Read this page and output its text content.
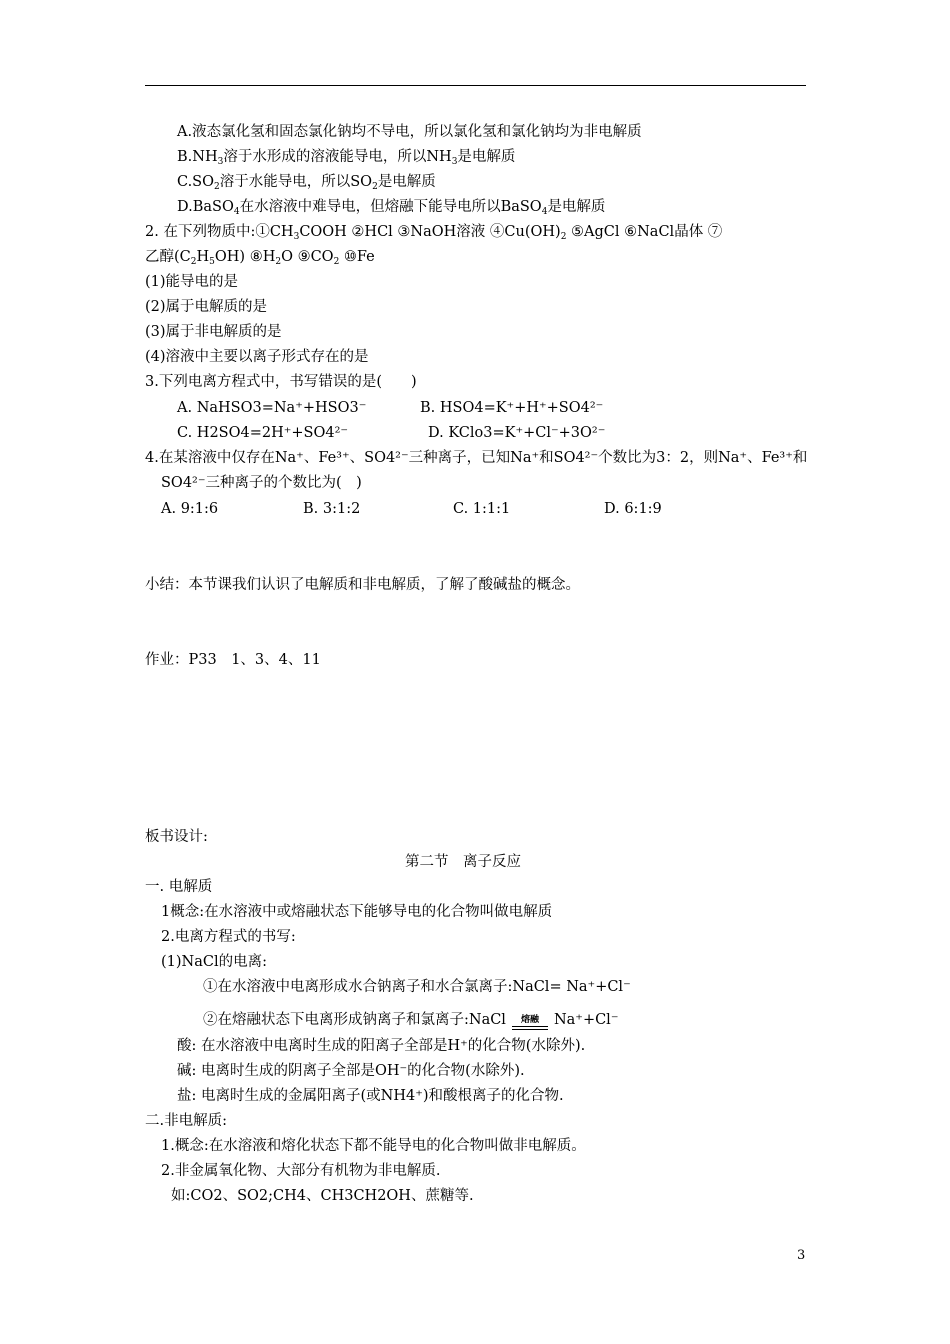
A.液态氯化氢和固态氯化钠均不导电，所以氯化氢和氯化钠均为非电解质
$B.NH_3$溶于水形成的溶液能导电，所以$NH_3$是电解质
$C.SO_2$溶于水能导电，所以$SO_2$是电解质
D.BaSO$_4$在水溶液中难导电，但熔融下能导电所以BaSO$_4$是电解质
2. 在下列物质中$:①CH_3COOH$ ②HCl ③NaOH溶液 $④Cu(OH)_2$ ⑤AgCl ⑥NaCl晶体 ⑦
乙醇$(C_2H_5OH)$ $⑧H_2O$ $⑨CO_2$ ⑩Fe
(1)能导电的是
(2)属于电解质的是
(3)属于非电解质的是
(4)溶液中主要以离子形式存在的是
3.下列电离方程式中，书写错误的是(　　)
A. NaHSO3=Na⁺+HSO3⁻	B. HSO4=K⁺+H⁺+SO4²⁻
C. H2SO4=2H⁺+SO4²⁻	D. KClo3=K⁺+Cl⁻+3O²⁻
4.在某溶液中仅存在Na⁺、Fe³⁺、SO4²⁻三种离子，已知Na⁺和SO4²⁻个数比为3：2，则Na⁺、Fe³⁺和
SO4²⁻三种离子的个数比为(　)
A. 9:1:6	B. 3:1:2	C. 1:1:1	D. 6:1:9
小结：本节课我们认识了电解质和非电解质，了解了酸碱盐的概念。
作业：P33　1、3、4、11
板书设计:
第二节　离子反应
一. 电解质
1概念:在水溶液中或熔融状态下能够导电的化合物叫做电解质
2.电离方程式的书写:
(1)NaCl的电离:
①在水溶液中电离形成水合钠离子和水合氯离子:NaCl= Na⁺+Cl⁻
②在熔融状态下电离形成钠离子和氯离子:NaCl	熔融	Na⁺+Cl⁻
酸: 在水溶液中电离时生成的阳离子全部是H⁺的化合物(水除外).
碱: 电离时生成的阴离子全部是OH⁻的化合物(水除外).
盐: 电离时生成的金属阳离子(或NH4⁺)和酸根离子的化合物.
二.非电解质:
1.概念:在水溶液和熔化状态下都不能导电的化合物叫做非电解质。
2.非金属氧化物、大部分有机物为非电解质.
如:CO2、SO2;CH4、CH3CH2OH、蔗糖等.
3
